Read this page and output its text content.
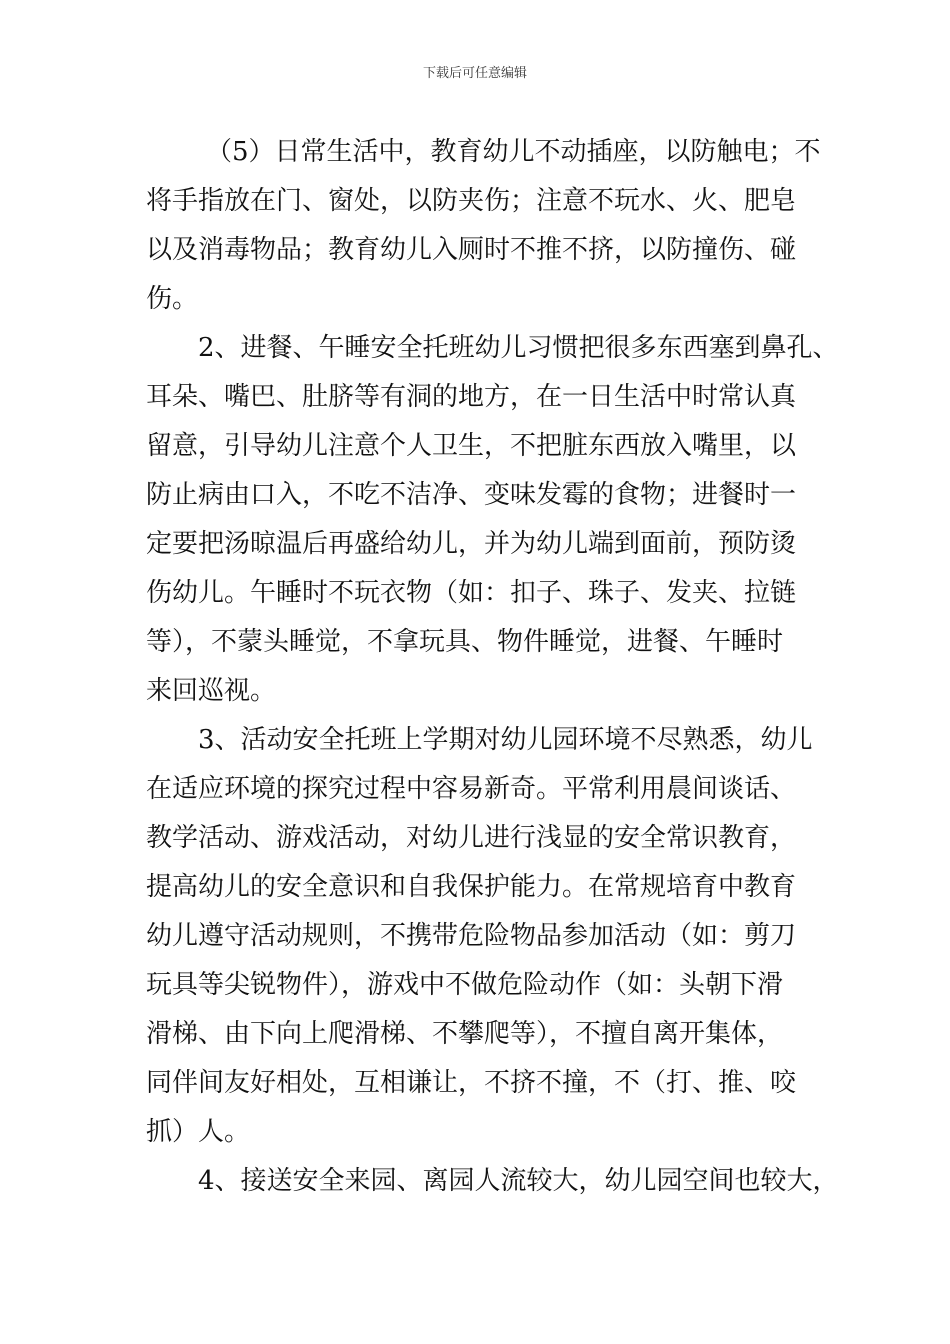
下载后可任意编辑

（5）日常生活中，教育幼儿不动插座，以防触电；不
将手指放在门、窗处，以防夹伤；注意不玩水、火、肥皂
以及消毒物品；教育幼儿入厕时不推不挤，以防撞伤、碰
伤。

2、进餐、午睡安全托班幼儿习惯把很多东西塞到鼻孔、
耳朵、嘴巴、肚脐等有洞的地方，在一日生活中时常认真
留意，引导幼儿注意个人卫生，不把脏东西放入嘴里，以
防止病由口入，不吃不洁净、变味发霉的食物；进餐时一
定要把汤晾温后再盛给幼儿，并为幼儿端到面前，预防烫
伤幼儿。午睡时不玩衣物（如：扣子、珠子、发夹、拉链
等），不蒙头睡觉，不拿玩具、物件睡觉，进餐、午睡时
来回巡视。

3、活动安全托班上学期对幼儿园环境不尽熟悉，幼儿
在适应环境的探究过程中容易新奇。平常利用晨间谈话、
教学活动、游戏活动，对幼儿进行浅显的安全常识教育，
提高幼儿的安全意识和自我保护能力。在常规培育中教育
幼儿遵守活动规则，不携带危险物品参加活动（如：剪刀
玩具等尖锐物件），游戏中不做危险动作（如：头朝下滑
滑梯、由下向上爬滑梯、不攀爬等），不擅自离开集体，
同伴间友好相处，互相谦让，不挤不撞，不（打、推、咬
抓）人。

4、接送安全来园、离园人流较大，幼儿园空间也较大，
